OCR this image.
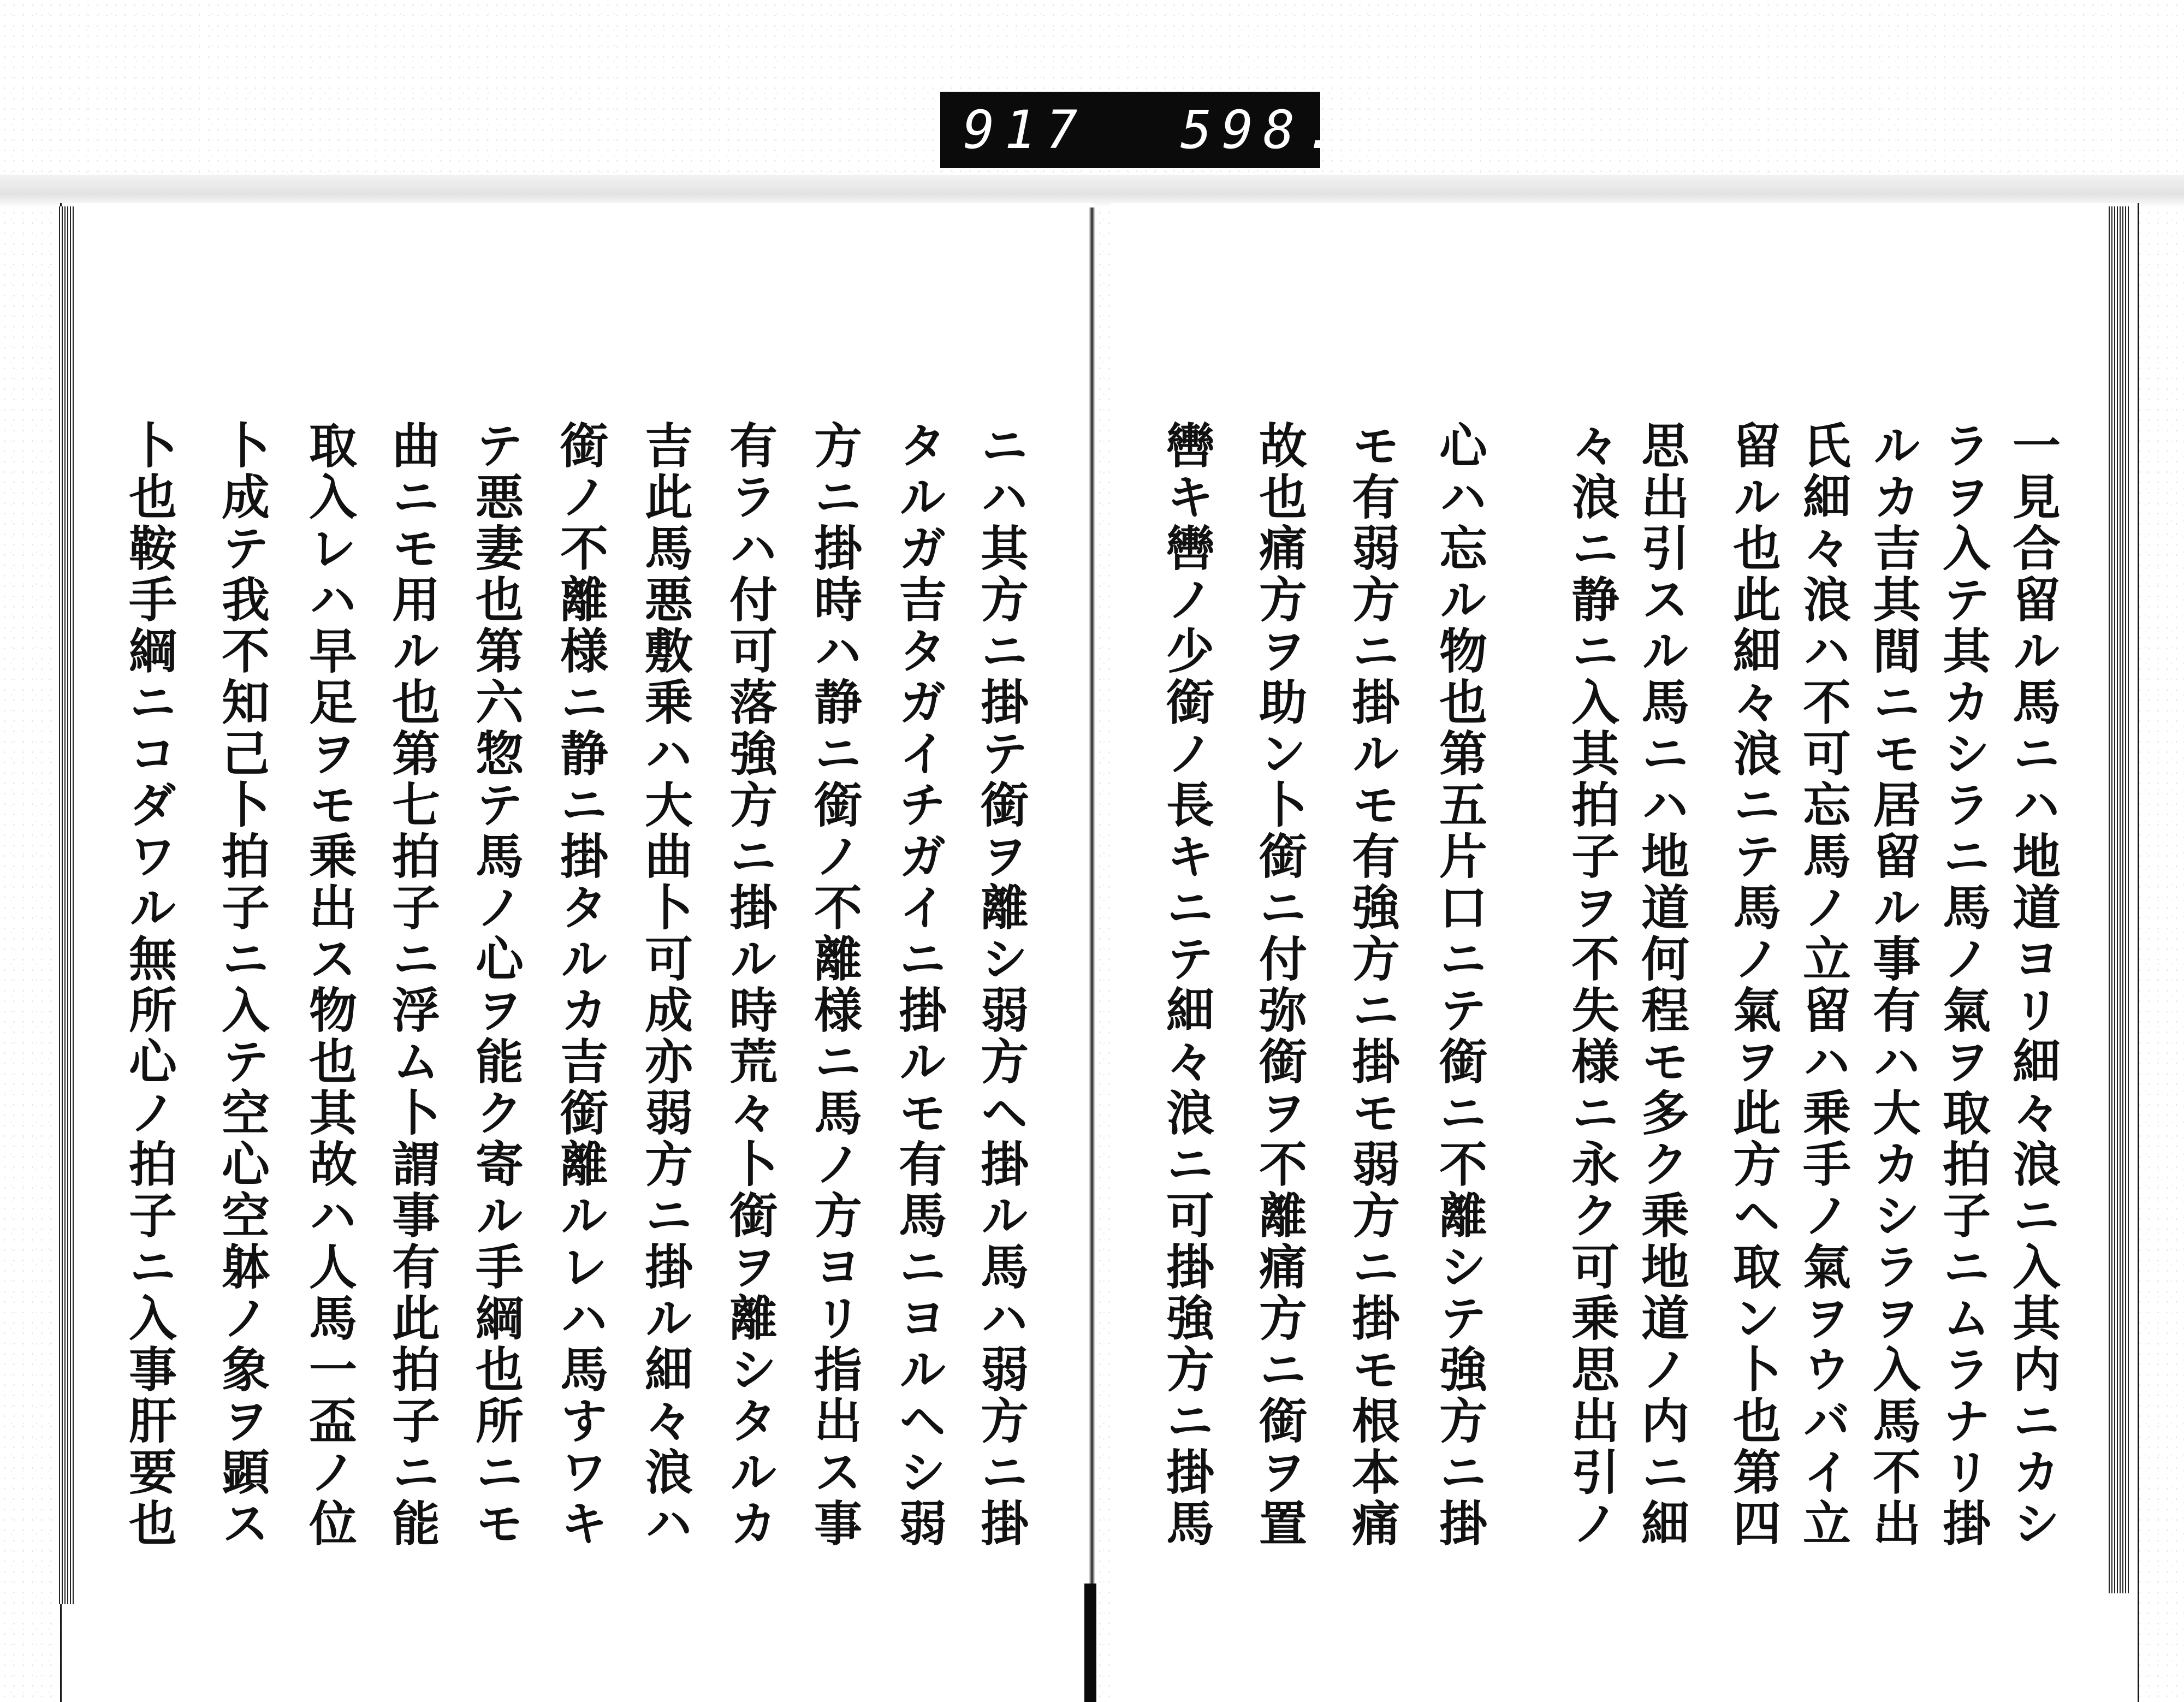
917 598.
一見合留ル馬ニハ地道ヨリ細々浪ニ入其内ニカシ
ラヲ入テ其カシラニ馬ノ氣ヲ取拍子ニムラナリ掛
ルカ吉其間ニモ居留ル事有ハ大カシラヲ入馬不出
氏細々浪ハ不可忘馬ノ立留ハ乗手ノ氣ヲウバイ立
留ル也此細々浪ニテ馬ノ氣ヲ此方ヘ取ン卜也第四
思出引スル馬ニハ地道何程モ多ク乗地道ノ内ニ細
々浪ニ静ニ入其拍子ヲ不失様ニ永ク可乗思出引ノ
心ハ忘ル物也第五片口ニテ銜ニ不離シテ強方ニ掛
モ有弱方ニ掛ルモ有強方ニ掛モ弱方ニ掛モ根本痛
故也痛方ヲ助ン卜銜ニ付弥銜ヲ不離痛方ニ銜ヲ置
轡キ轡ノ少銜ノ長キニテ細々浪ニ可掛強方ニ掛馬
ニハ其方ニ掛テ銜ヲ離シ弱方ヘ掛ル馬ハ弱方ニ掛
タルガ吉タガイチガイニ掛ルモ有馬ニヨルヘシ弱
方ニ掛時ハ静ニ銜ノ不離様ニ馬ノ方ヨリ指出ス事
有ラハ付可落強方ニ掛ル時荒々卜銜ヲ離シタルカ
吉此馬悪敷乗ハ大曲卜可成亦弱方ニ掛ル細々浪ハ
銜ノ不離様ニ静ニ掛タルカ吉銜離ルレハ馬すワキ
テ悪妻也第六惣テ馬ノ心ヲ能ク寄ル手綱也所ニモ
曲ニモ用ル也第七拍子ニ浮ム卜謂事有此拍子ニ能
取入レハ早足ヲモ乗出ス物也其故ハ人馬一盃ノ位
卜成テ我不知己卜拍子ニ入テ空心空躰ノ象ヲ顕ス
卜也鞍手綱ニコダワル無所心ノ拍子ニ入事肝要也
